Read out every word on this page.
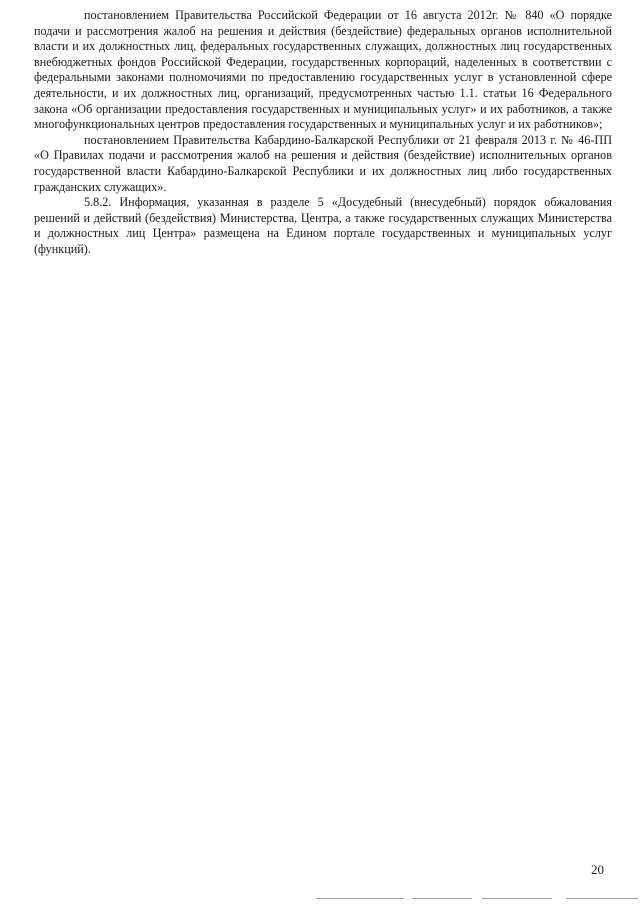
постановлением Правительства Российской Федерации от 16 августа 2012г. № 840 «О порядке подачи и рассмотрения жалоб на решения и действия (бездействие) федеральных органов исполнительной власти и их должностных лиц, федеральных государственных служащих, должностных лиц государственных внебюджетных фондов Российской Федерации, государственных корпораций, наделенных в соответствии с федеральными законами полномочиями по предоставлению государственных услуг в установленной сфере деятельности, и их должностных лиц, организаций, предусмотренных частью 1.1. статьи 16 Федерального закона «Об организации предоставления государственных и муниципальных услуг» и их работников, а также многофункциональных центров предоставления государственных и муниципальных услуг и их работников»;

постановлением Правительства Кабардино-Балкарской Республики от 21 февраля 2013 г. № 46-ПП «О Правилах подачи и рассмотрения жалоб на решения и действия (бездействие) исполнительных органов государственной власти Кабардино-Балкарской Республики и их должностных лиц либо государственных гражданских служащих».

5.8.2. Информация, указанная в разделе 5 «Досудебный (внесудебный) порядок обжалования решений и действий (бездействия) Министерства, Центра, а также государственных служащих Министерства и должностных лиц Центра» размещена на Едином портале государственных и муниципальных услуг (функций).

20
